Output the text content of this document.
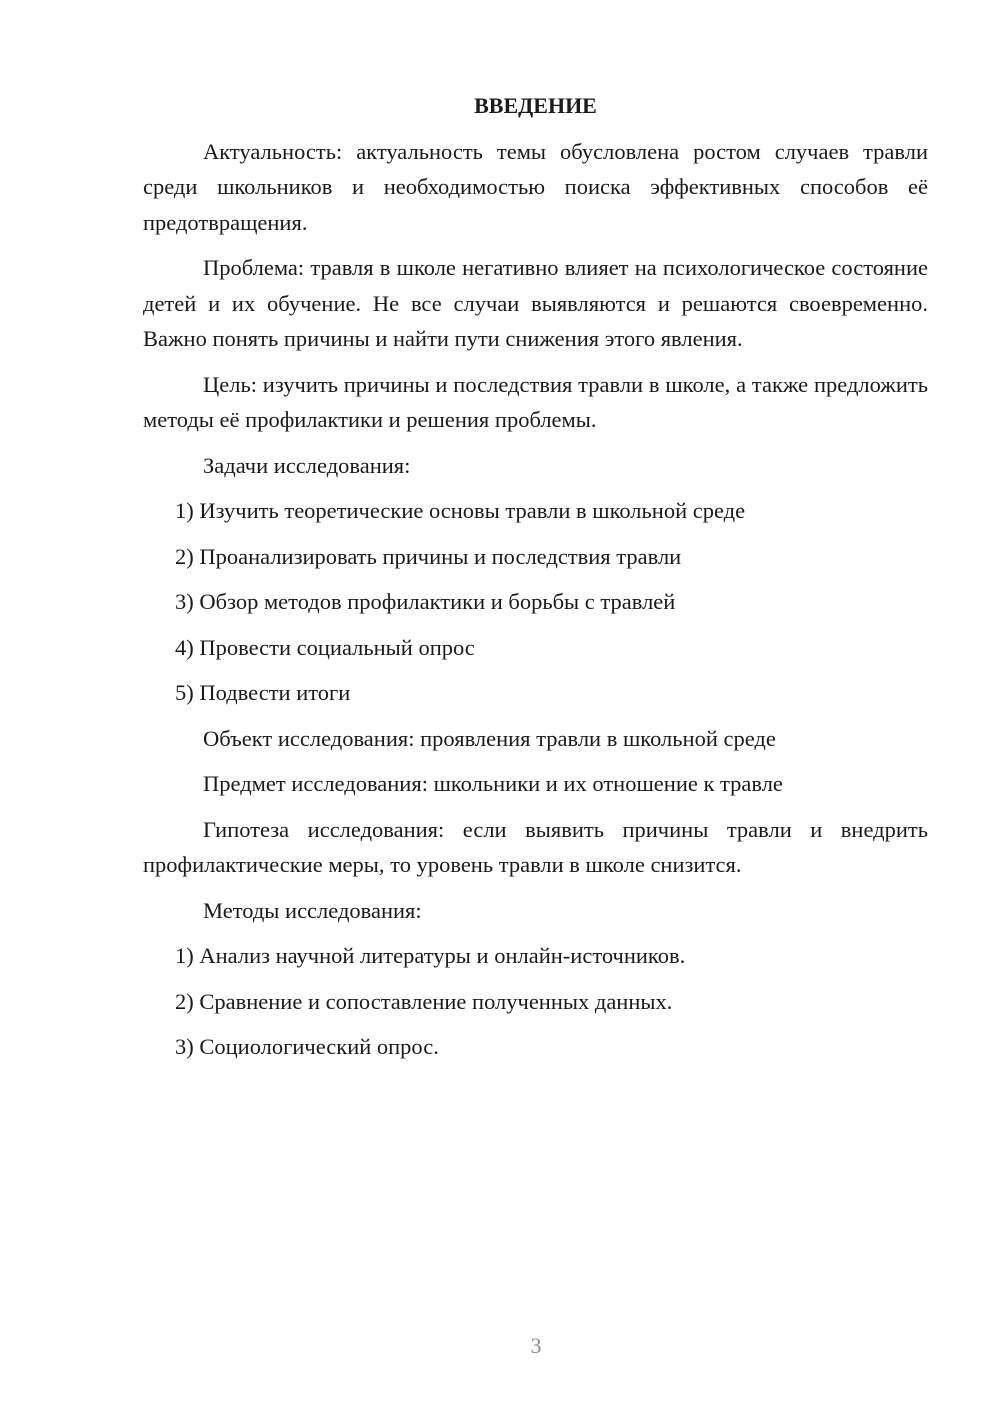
ВВЕДЕНИЕ
Актуальность: актуальность темы обусловлена ростом случаев травли среди школьников и необходимостью поиска эффективных способов её предотвращения.
Проблема: травля в школе негативно влияет на психологическое состояние детей и их обучение. Не все случаи выявляются и решаются своевременно. Важно понять причины и найти пути снижения этого явления.
Цель: изучить причины и последствия травли в школе, а также предложить методы её профилактики и решения проблемы.
Задачи исследования:
1) Изучить теоретические основы травли в школьной среде
2) Проанализировать причины и последствия травли
3) Обзор методов профилактики и борьбы с травлей
4) Провести социальный опрос
5) Подвести итоги
Объект исследования: проявления травли в школьной среде
Предмет исследования: школьники и их отношение к травле
Гипотеза исследования: если выявить причины травли и внедрить профилактические меры, то уровень травли в школе снизится.
Методы исследования:
1) Анализ научной литературы и онлайн-источников.
2) Сравнение и сопоставление полученных данных.
3) Социологический опрос.
3
